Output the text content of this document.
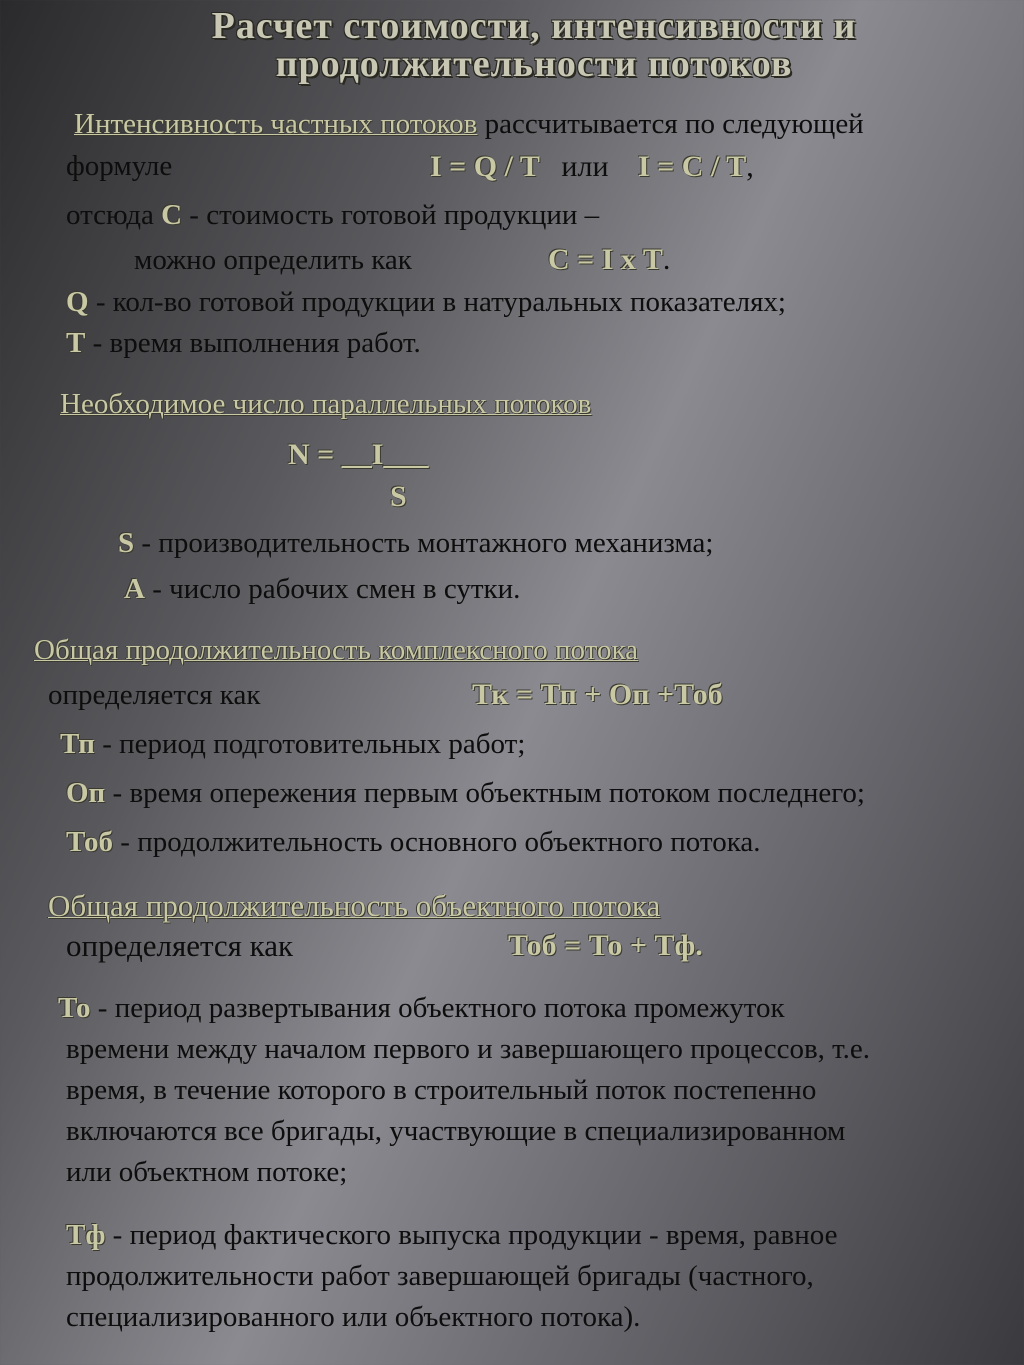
Расчет стоимости, интенсивности и
продолжительности потоков
Интенсивность частных потоков рассчитывается по следующей
формуле	I = Q / T или I = C / T,
отсюда С - стоимость готовой продукции –
можно определить как	C = I x T.
Q - кол-во готовой продукции в натуральных показателях;
T - время выполнения работ.
Необходимое число параллельных потоков
N = __I___
S
S - производительность монтажного механизма;
А - число рабочих смен в сутки.
Общая продолжительность комплексного потока
определяется как	Тк = Тп + Оп +Тоб
Тп - период подготовительных работ;
Оп - время опережения первым объектным потоком последнего;
Тоб - продолжительность основного объектного потока.
Общая продолжительность объектного потока
определяется как	Тоб = То + Тф.
То - период развертывания объектного потока промежуток
времени между началом первого и завершающего процессов, т.е.
время, в течение которого в строительный поток постепенно
включаются все бригады, участвующие в специализированном
или объектном потоке;
Тф - период фактического выпуска продукции - время, равное
продолжительности работ завершающей бригады (частного,
специализированного или объектного потока).
